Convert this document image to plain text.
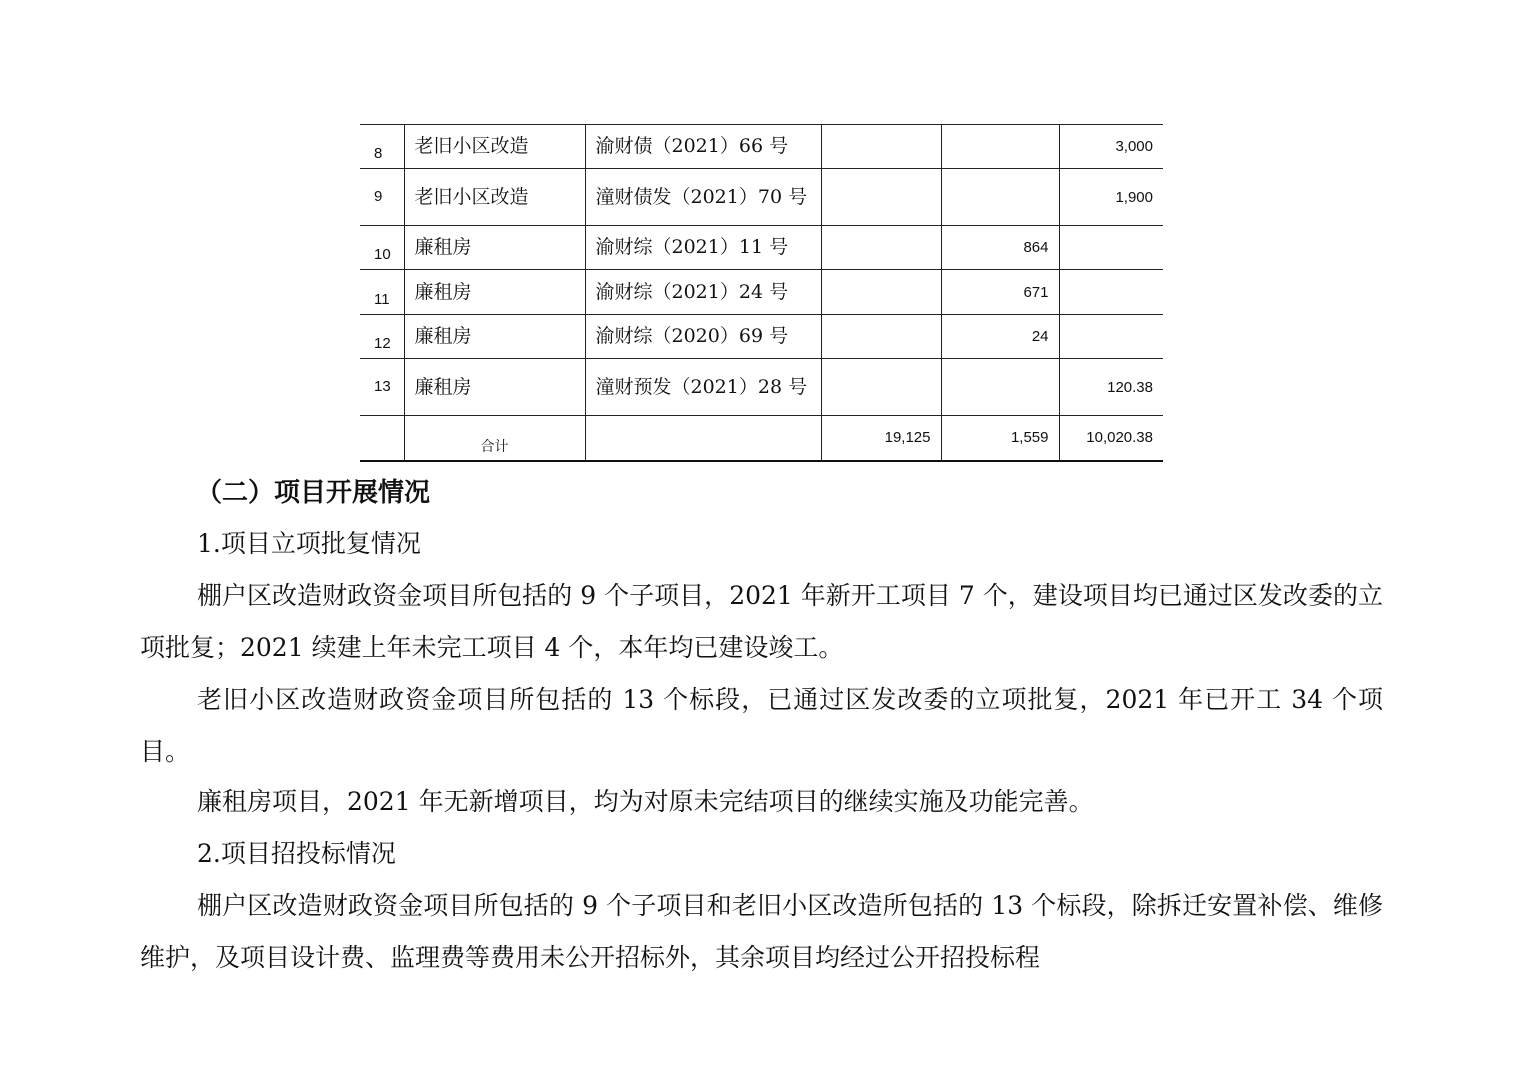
8	老旧小区改造	渝财债（2021）66 号			3,000
9	老旧小区改造	潼财债发（2021）70 号			1,900
10	廉租房	渝财综（2021）11 号		864	
11	廉租房	渝财综（2021）24 号		671	
12	廉租房	渝财综（2020）69 号		24	
13	廉租房	潼财预发（2021）28 号			120.38
	合计		19,125	1,559	10,020.38
（二）项目开展情况

1.项目立项批复情况

棚户区改造财政资金项目所包括的 9 个子项目，2021 年新开工项目 7 个，建设项目均已通过区发改委的立项批复；2021 续建上年未完工项目 4 个，本年均已建设竣工。

老旧小区改造财政资金项目所包括的 13 个标段，已通过区发改委的立项批复，2021 年已开工 34 个项目。

廉租房项目，2021 年无新增项目，均为对原未完结项目的继续实施及功能完善。

2.项目招投标情况

棚户区改造财政资金项目所包括的 9 个子项目和老旧小区改造所包括的 13 个标段，除拆迁安置补偿、维修维护，及项目设计费、监理费等费用未公开招标外，其余项目均经过公开招投标程
